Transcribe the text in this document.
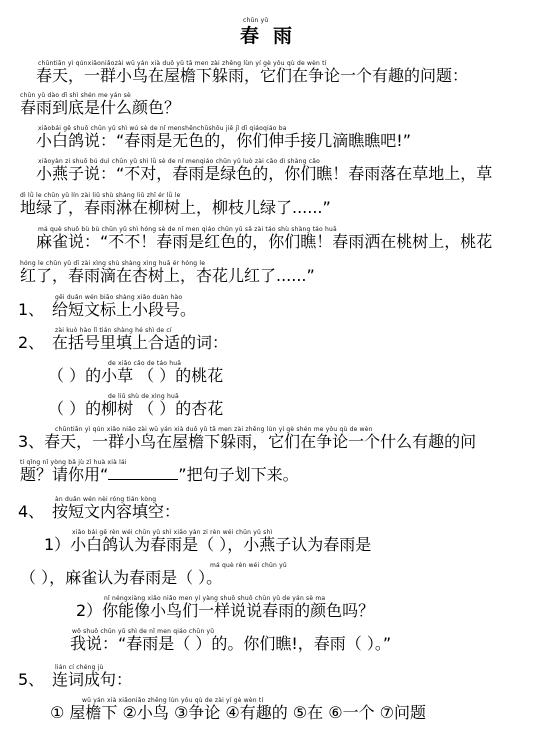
chūn yǔ
春雨
chūntiān yì qúnxiǎoniǎozài wū yán xià duǒ yǔ tā men zài zhēng lùn yí gè yǒu qù de wèn tí
春天，一群小鸟在屋檐下躲雨，它们在争论一个有趣的问题：
chūn yǔ dào dǐ shì shén me yán sè
春雨到底是什么颜色？
xiǎobái gē shuō chūn yǔ shì wú sè de nǐ menshēnchūshǒu jiē jǐ dī qiáoqiáo ba
小白鸽说：“春雨是无色的，你们伸手接几滴瞧瞧吧!”
xiǎoyàn zi shuō bú duì chūn yǔ shì lǜ sè de nǐ menqiáo chūn yǔ luò zài cǎo dì shàng cǎo
小燕子说：“不对，春雨是绿色的，你们瞧！春雨落在草地上，草
dì lǜ le chūn yǔ lín zài liǔ shù shàng liǔ zhī ér lǜ le
地绿了，春雨淋在柳树上，柳枝儿绿了......”
má què shuō bù bù chūn yǔ shì hóng sè de nǐ men qiáo chūn yǔ sǎ zài táo shù shàng táo huā
麻雀说：“不不！春雨是红色的，你们瞧！春雨洒在桃树上，桃花
hóng le chūn yǔ dī zài xìng shù shàng xìng huā ér hóng le
红了，春雨滴在杏树上，杏花儿红了......”
gěi duǎn wén biāo shàng xiǎo duàn hào
1、 给短文标上小段号。
zài kuò hào lǐ tián shàng hé shì de cí
2、 在括号里填上合适的词：
de xiǎo cǎo de táo huā
（ ）的小草 （ ）的桃花
de liǔ shù de xìng huā
（ ）的柳树 （ ）的杏花
chūntiān yì qún xiǎo niǎo zài wū yán xià duǒ yǔ tā men zài zhēng lùn yí gè shén me yǒu qù de wèn
3、春天，一群小鸟在屋檐下躲雨，它们在争论一个什么有趣的问
tí qǐng nǐ yòng bǎ jù zǐ huà xià lái
题？请你用“	”把句子划下来。
àn duǎn wén nèi róng tián kòng
4、 按短文内容填空：
xiǎo bái gē rèn wéi chūn yǔ shì xiǎo yàn zi rèn wéi chūn yǔ shì
1）小白鸽认为春雨是（ ），小燕子认为春雨是
má què rèn wéi chūn yǔ
（ ），麻雀认为春雨是（ ）。
nǐ néngxiàng xiǎo niǎo men yí yàng shuō shuō chūn yǔ de yán sè ma
2）你能像小鸟们一样说说春雨的颜色吗？
wǒ shuō chūn yǔ shì de nǐ men qiáo chūn yǔ
我说：“春雨是（ ）的。你们瞧!，春雨（ ）。”
lián cí chéng jù
5、 连词成句：
wū yán xià xiǎoniǎo zhēng lùn yǒu qù de zài yí gè wèn tí
① 屋檐下 ②小鸟 ③争论 ④有趣的 ⑤在 ⑥一个 ⑦问题
